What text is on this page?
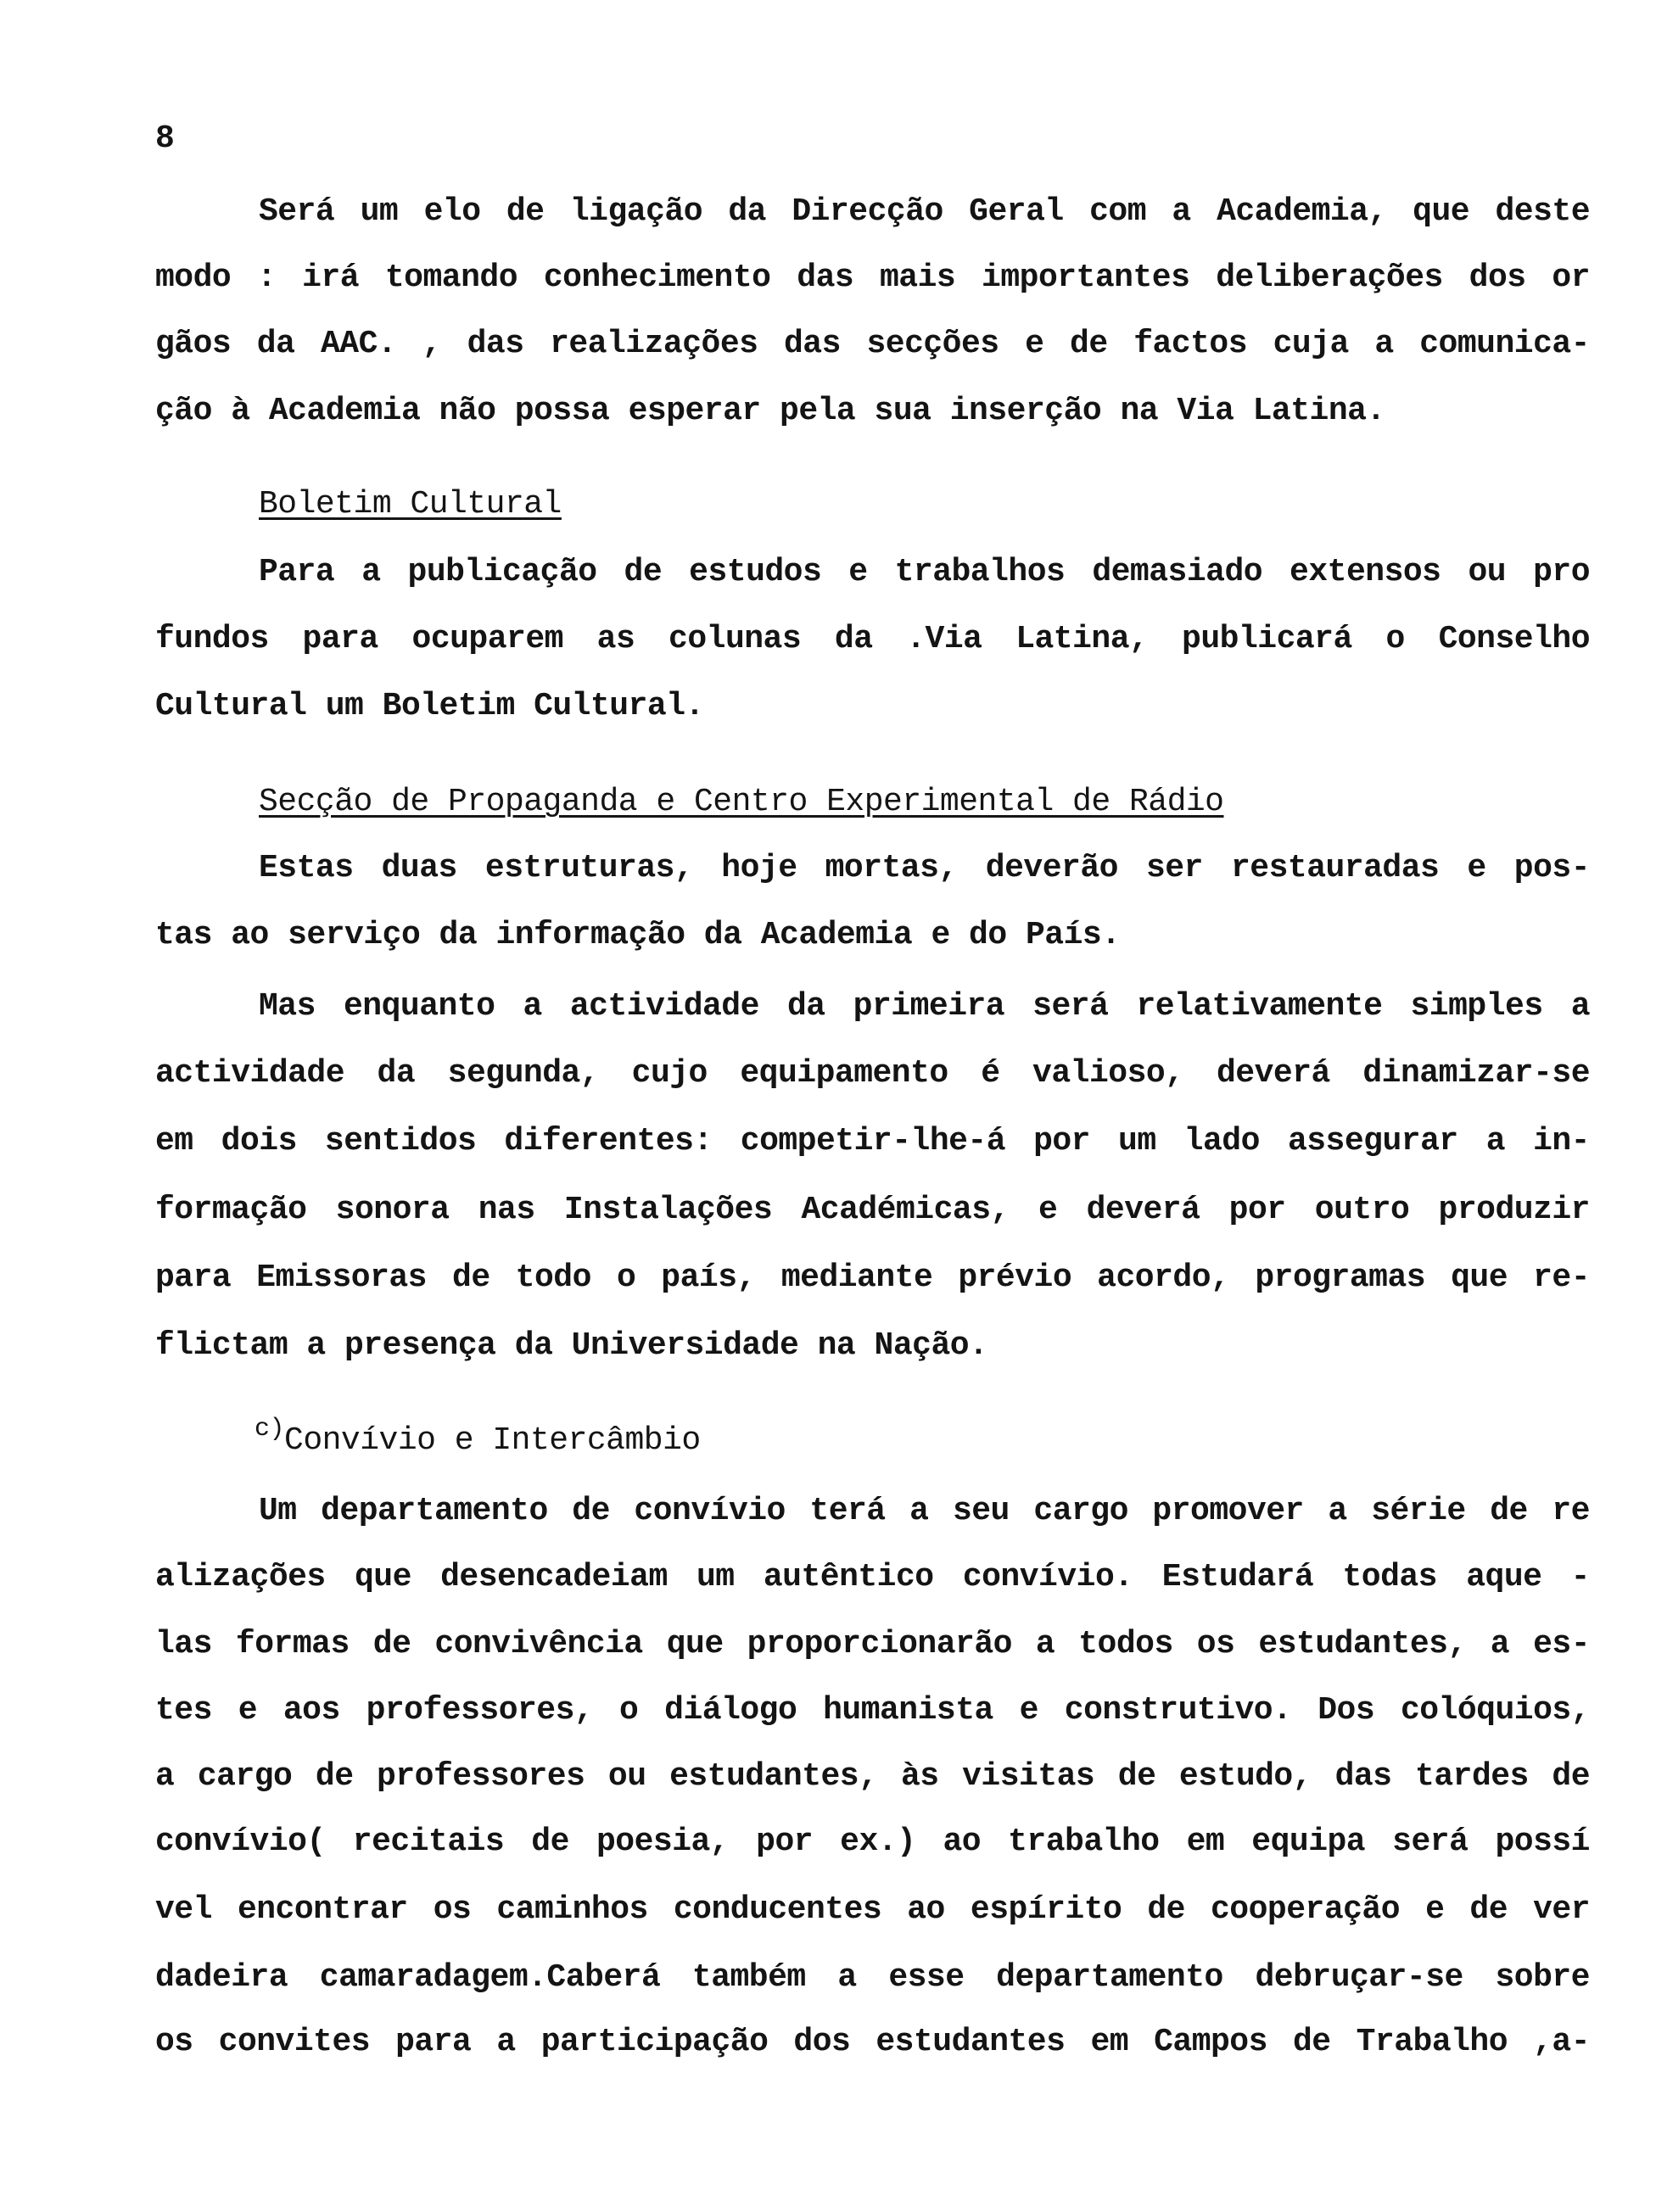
8
Será um elo de ligação da Direcção Geral com a Academia, que deste
modo : irá tomando conhecimento das mais importantes deliberações dos or
gãos da AAC. , das realizações das secções e de factos cuja a comunica-
ção à Academia não possa esperar pela sua inserção na Via Latina.
Boletim Cultural
Para a publicação de estudos e trabalhos demasiado extensos ou pro
fundos para ocuparem as colunas da .Via Latina, publicará o Conselho
Cultural um Boletim Cultural.
Secção de Propaganda e Centro Experimental de Rádio
Estas duas estruturas, hoje mortas, deverão ser restauradas e pos-
tas ao serviço da informação da Academia e do País.
Mas enquanto a actividade da primeira será relativamente simples a
actividade da segunda, cujo equipamento é valioso, deverá dinamizar-se
em dois sentidos diferentes: competir-lhe-á por um lado assegurar a in-
formação sonora nas Instalações Académicas, e deverá por outro produzir
para Emissoras de todo o país, mediante prévio acordo, programas que re-
flictam a presença da Universidade na Nação.
$^{c)}$Convívio e Intercâmbio
Um departamento de convívio terá a seu cargo promover a série de re
alizações que desencadeiam um autêntico convívio. Estudará todas aque -
las formas de convivência que proporcionarão a todos os estudantes, a es-
tes e aos professores, o diálogo humanista e construtivo. Dos colóquios,
a cargo de professores ou estudantes, às visitas de estudo, das tardes de
convívio( recitais de poesia, por ex.) ao trabalho em equipa será possí
vel encontrar os caminhos conducentes ao espírito de cooperação e de ver
dadeira camaradagem.Caberá também a esse departamento debruçar-se sobre
os convites para a participação dos estudantes em Campos de Trabalho ,a-
